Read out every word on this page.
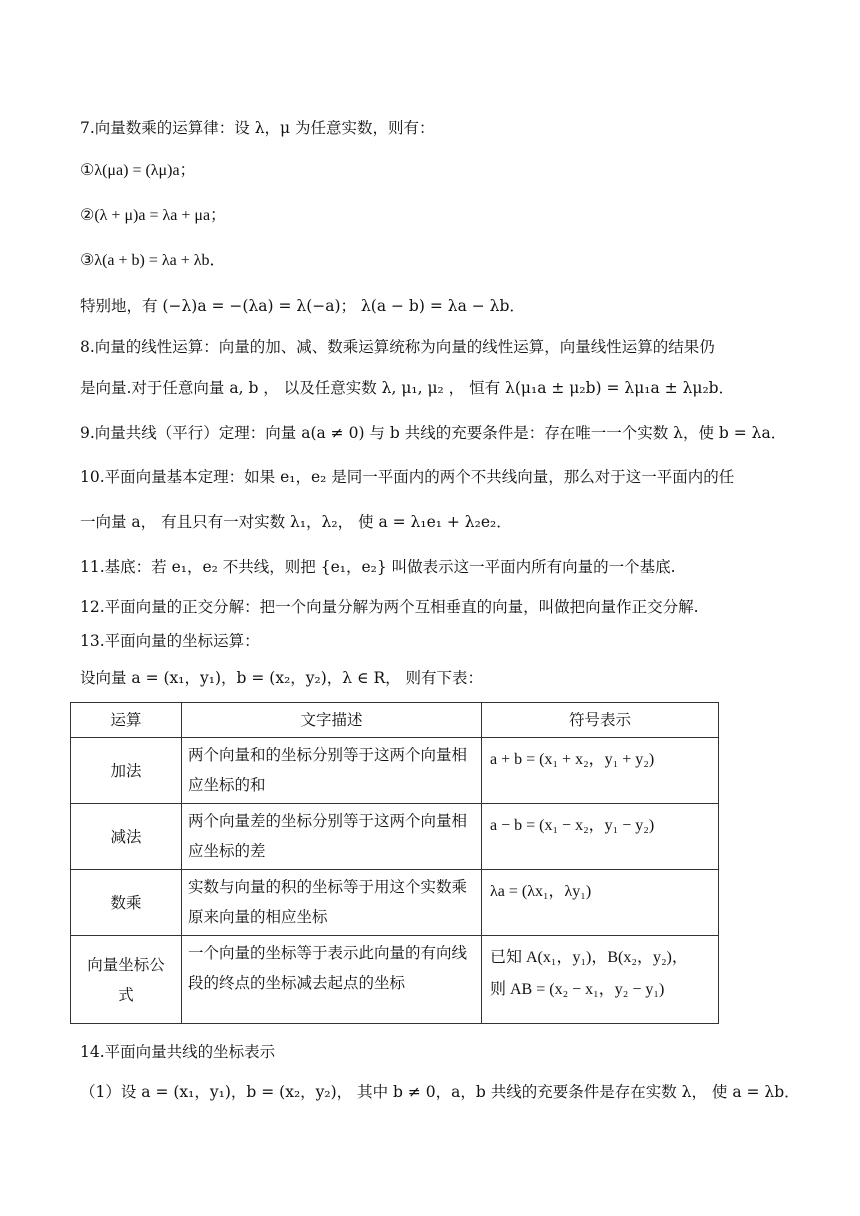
7.向量数乘的运算律：设 λ，μ 为任意实数，则有：
①λ(μa) = (λμ)a；
②(λ + μ)a = λa + μa；
③λ(a + b) = λa + λb．
特别地，有 (−λ)a = −(λa) = λ(−a)； λ(a − b) = λa − λb．
8.向量的线性运算：向量的加、减、数乘运算统称为向量的线性运算，向量线性运算的结果仍
是向量.对于任意向量 a, b ， 以及任意实数 λ, μ₁, μ₂ ， 恒有 λ(μ₁a ± μ₂b) = λμ₁a ± λμ₂b．
9.向量共线（平行）定理：向量 a(a ≠ 0) 与 b 共线的充要条件是：存在唯一一个实数 λ，使 b = λa．
10.平面向量基本定理：如果 e₁，e₂ 是同一平面内的两个不共线向量，那么对于这一平面内的任
一向量 a， 有且只有一对实数 λ₁，λ₂， 使 a = λ₁e₁ + λ₂e₂．
11.基底：若 e₁，e₂ 不共线，则把 {e₁，e₂} 叫做表示这一平面内所有向量的一个基底.
12.平面向量的正交分解：把一个向量分解为两个互相垂直的向量，叫做把向量作正交分解.
13.平面向量的坐标运算：
设向量 a = (x₁，y₁)，b = (x₂，y₂)，λ ∈ R， 则有下表：
运算	文字描述	符号表示
加法	两个向量和的坐标分别等于这两个向量相应坐标的和	a + b = (x₁ + x₂，y₁ + y₂)

减法	两个向量差的坐标分别等于这两个向量相应坐标的差	a − b = (x₁ − x₂，y₁ − y₂)

数乘	实数与向量的积的坐标等于用这个实数乘原来向量的相应坐标	λa = (λx₁，λy₁)

向量坐标公式	一个向量的坐标等于表示此向量的有向线段的终点的坐标减去起点的坐标	已知 A(x₁，y₁)，B(x₂，y₂)，
则 AB = (x₂ − x₁，y₂ − y₁)
14.平面向量共线的坐标表示
（1）设 a = (x₁，y₁)，b = (x₂，y₂)， 其中 b ≠ 0，a，b 共线的充要条件是存在实数 λ， 使 a = λb．
